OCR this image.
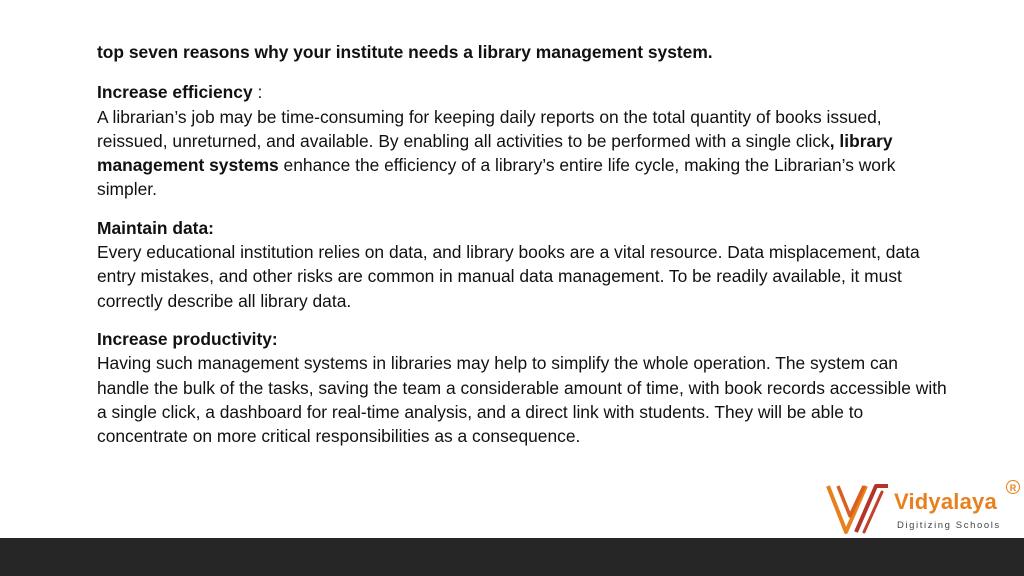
top seven reasons why your institute needs a library management system.

Increase efficiency :
A librarian’s job may be time-consuming for keeping daily reports on the total quantity of books issued, reissued, unreturned, and available. By enabling all activities to be performed with a single click, library management systems enhance the efficiency of a library’s entire life cycle, making the Librarian’s work simpler.
Maintain data:
Every educational institution relies on data, and library books are a vital resource. Data misplacement, data entry mistakes, and other risks are common in manual data management. To be readily available, it must correctly describe all library data.
Increase productivity:
Having such management systems in libraries may help to simplify the whole operation. The system can handle the bulk of the tasks, saving the team a considerable amount of time, with book records accessible with a single click, a dashboard for real-time analysis, and a direct link with students. They will be able to concentrate on more critical responsibilities as a consequence.
Vidyalaya
Digitizing Schools
R
